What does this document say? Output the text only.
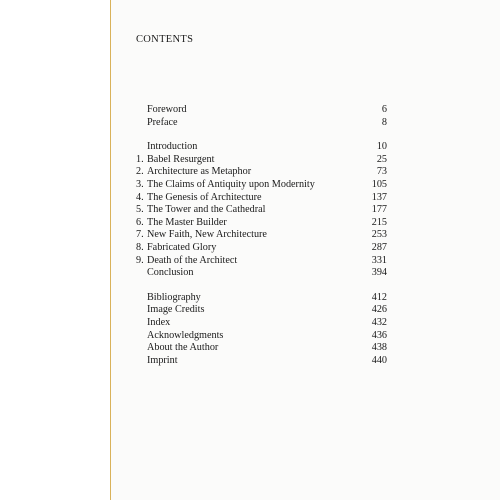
CONTENTS
Foreword	6
Preface	8
Introduction	10
1. Babel Resurgent	25
2. Architecture as Metaphor	73
3. The Claims of Antiquity upon Modernity	105
4. The Genesis of Architecture	137
5. The Tower and the Cathedral	177
6. The Master Builder	215
7. New Faith, New Architecture	253
8. Fabricated Glory	287
9. Death of the Architect	331
Conclusion	394
Bibliography	412
Image Credits	426
Index	432
Acknowledgments	436
About the Author	438
Imprint	440
